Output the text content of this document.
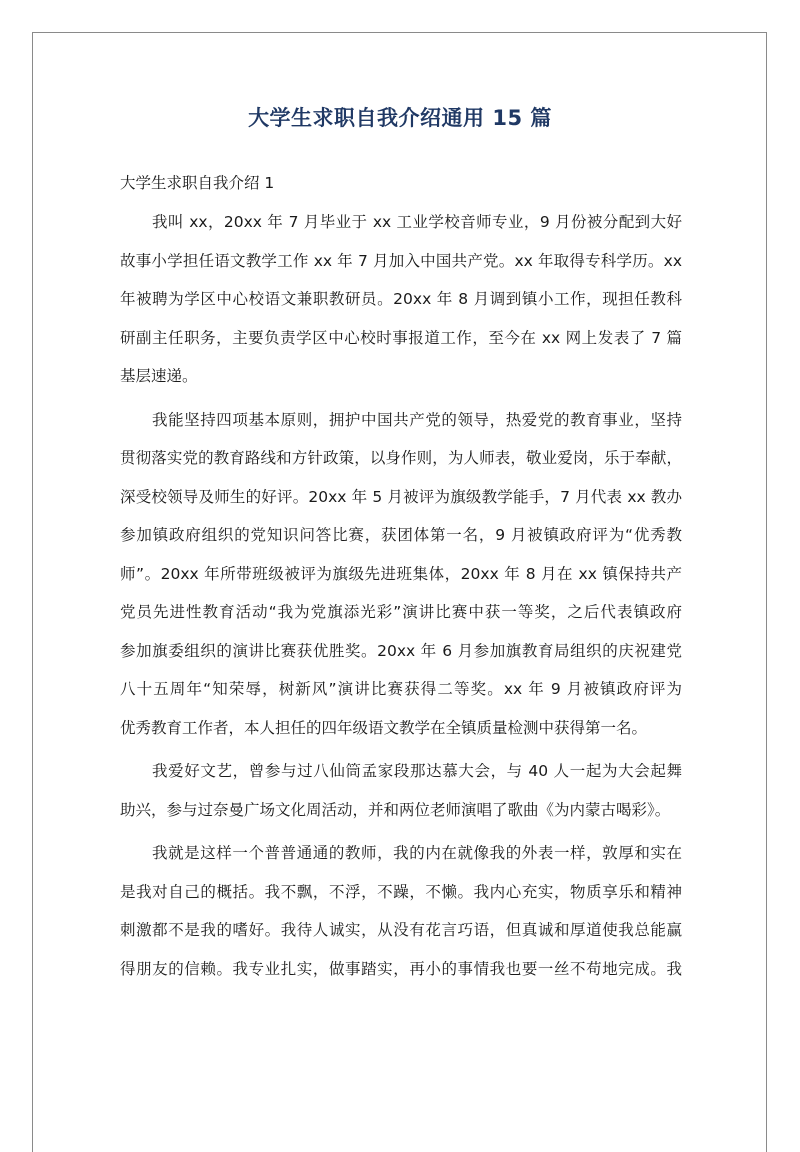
大学生求职自我介绍通用 15 篇

大学生求职自我介绍 1

我叫 xx，20xx 年 7 月毕业于 xx 工业学校音师专业，9 月份被分配到大好
故事小学担任语文教学工作 xx 年 7 月加入中国共产党。xx 年取得专科学历。xx
年被聘为学区中心校语文兼职教研员。20xx 年 8 月调到镇小工作，现担任教科
研副主任职务，主要负责学区中心校时事报道工作，至今在 xx 网上发表了 7 篇
基层速递。
我能坚持四项基本原则，拥护中国共产党的领导，热爱党的教育事业，坚持
贯彻落实党的教育路线和方针政策，以身作则，为人师表，敬业爱岗，乐于奉献，
深受校领导及师生的好评。20xx 年 5 月被评为旗级教学能手，7 月代表 xx 教办
参加镇政府组织的党知识问答比赛，获团体第一名，9 月被镇政府评为“优秀教
师”。20xx 年所带班级被评为旗级先进班集体，20xx 年 8 月在 xx 镇保持共产
党员先进性教育活动“我为党旗添光彩”演讲比赛中获一等奖，之后代表镇政府
参加旗委组织的演讲比赛获优胜奖。20xx 年 6 月参加旗教育局组织的庆祝建党
八十五周年“知荣辱，树新风”演讲比赛获得二等奖。xx 年 9 月被镇政府评为
优秀教育工作者，本人担任的四年级语文教学在全镇质量检测中获得第一名。
我爱好文艺，曾参与过八仙筒孟家段那达慕大会，与 40 人一起为大会起舞
助兴，参与过奈曼广场文化周活动，并和两位老师演唱了歌曲《为内蒙古喝彩》。
我就是这样一个普普通通的教师，我的内在就像我的外表一样，敦厚和实在
是我对自己的概括。我不飘，不浮，不躁，不懒。我内心充实，物质享乐和精神
刺激都不是我的嗜好。我待人诚实，从没有花言巧语，但真诚和厚道使我总能赢
得朋友的信赖。我专业扎实，做事踏实，再小的事情我也要一丝不苟地完成。我
